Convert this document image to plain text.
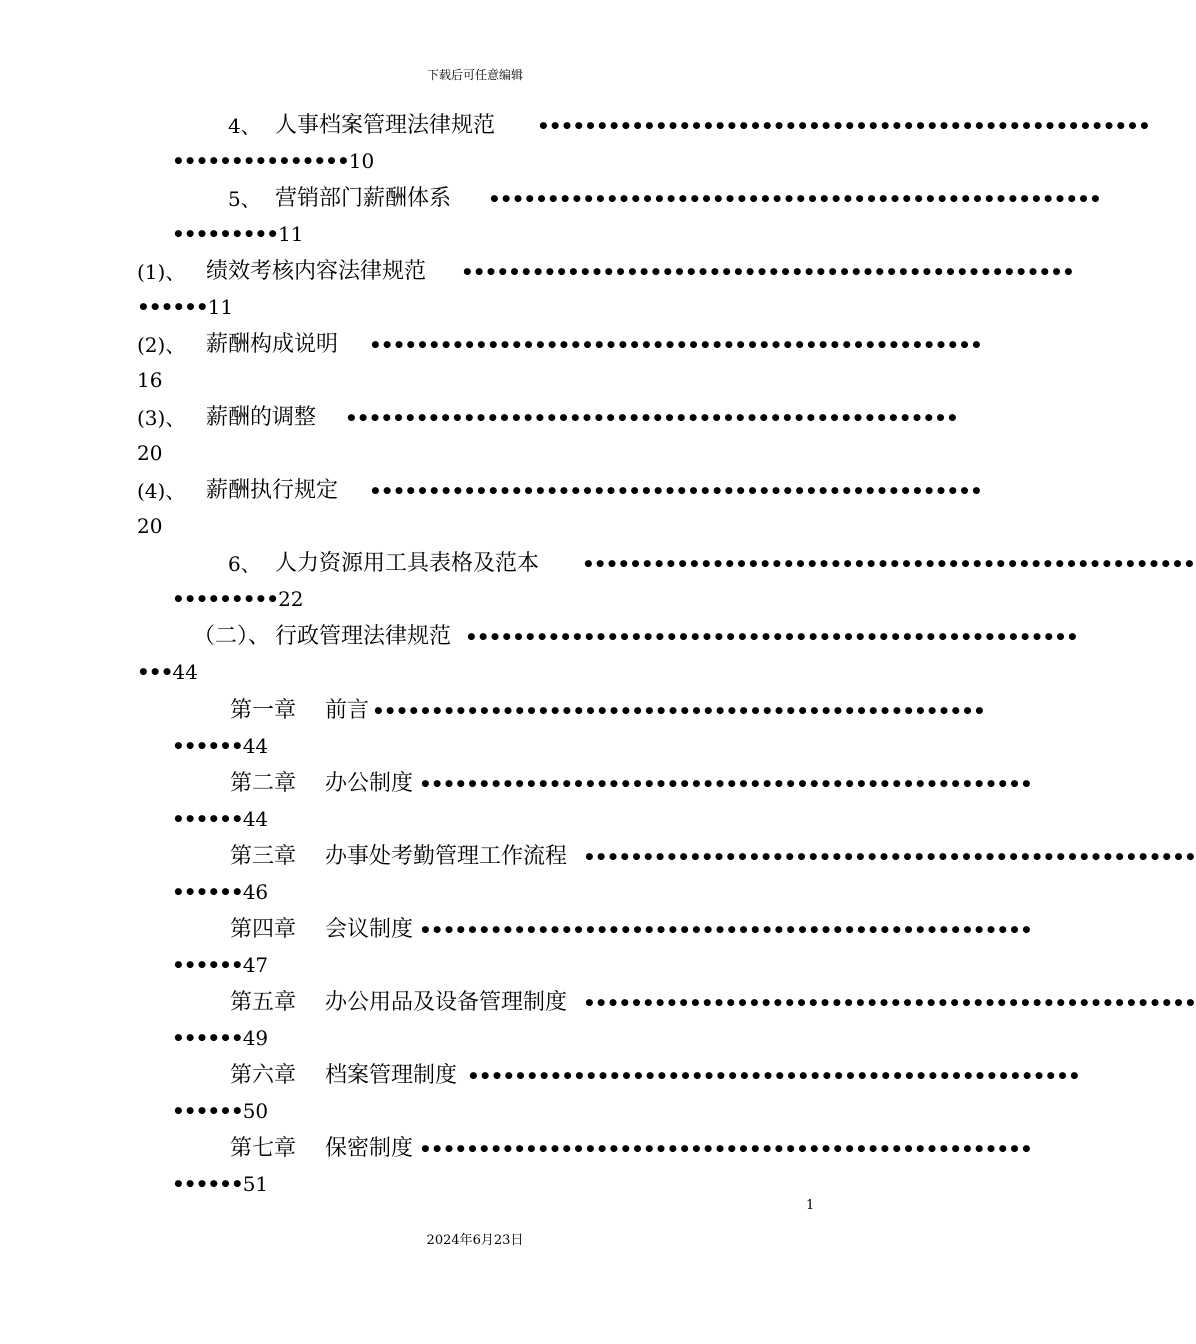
下载后可任意编辑
4、 人事档案管理法律规范 ••••••••••••••••••••••••••••••••••••••••••••••••••••
•••••••••••••••10
5、 营销部门薪酬体系 ••••••••••••••••••••••••••••••••••••••••••••••••••••
•••••••••11
(1)、 绩效考核内容法律规范 ••••••••••••••••••••••••••••••••••••••••••••••••••••
••••••11
(2)、 薪酬构成说明 ••••••••••••••••••••••••••••••••••••••••••••••••••••
16
(3)、 薪酬的调整 ••••••••••••••••••••••••••••••••••••••••••••••••••••
20
(4)、 薪酬执行规定 ••••••••••••••••••••••••••••••••••••••••••••••••••••
20
6、 人力资源用工具表格及范本 ••••••••••••••••••••••••••••••••••••••••••••••••••••
•••••••••22
（二）、 行政管理法律规范 ••••••••••••••••••••••••••••••••••••••••••••••••••••
•••44
第一章 前言 ••••••••••••••••••••••••••••••••••••••••••••••••••••
••••••44
第二章 办公制度 ••••••••••••••••••••••••••••••••••••••••••••••••••••
••••••44
第三章 办事处考勤管理工作流程 ••••••••••••••••••••••••••••••••••••••••••••••••••••
••••••46
第四章 会议制度 ••••••••••••••••••••••••••••••••••••••••••••••••••••
••••••47
第五章 办公用品及设备管理制度 ••••••••••••••••••••••••••••••••••••••••••••••••••••
••••••49
第六章 档案管理制度 ••••••••••••••••••••••••••••••••••••••••••••••••••••
••••••50
第七章 保密制度 ••••••••••••••••••••••••••••••••••••••••••••••••••••
••••••51
1
2024年6月23日
